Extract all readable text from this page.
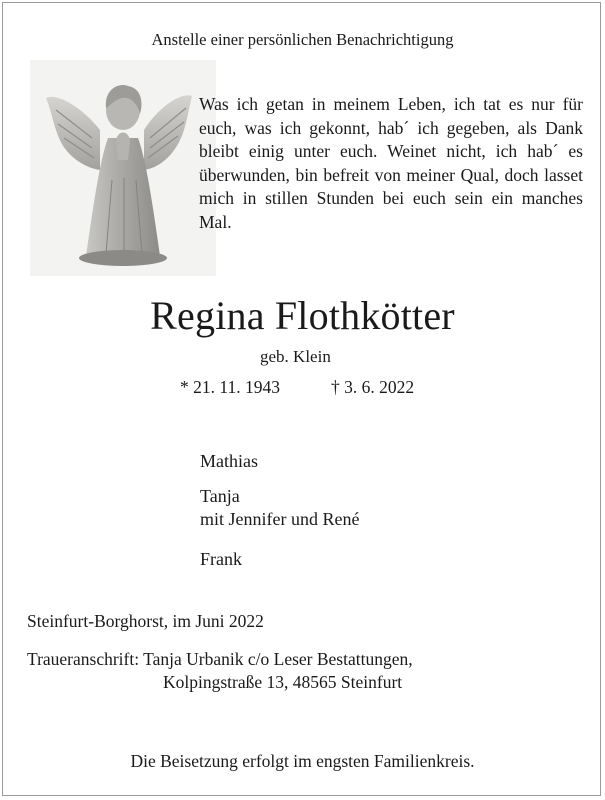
Anstelle einer persönlichen Benachrichtigung
Was ich getan in meinem Leben, ich tat es nur für euch, was ich gekonnt, hab´ ich gegeben, als Dank bleibt einig unter euch. Weinet nicht, ich hab´ es überwunden, bin befreit von meiner Qual, doch lasset mich in stillen Stunden bei euch sein ein manches Mal.
Regina Flothkötter
geb. Klein
* 21. 11. 1943	† 3. 6. 2022
Mathias
Tanja
mit Jennifer und René
Frank
Steinfurt-Borghorst, im Juni 2022
Traueranschrift: Tanja Urbanik c/o Leser Bestattungen,
Kolpingstraße 13, 48565 Steinfurt
Die Beisetzung erfolgt im engsten Familienkreis.
